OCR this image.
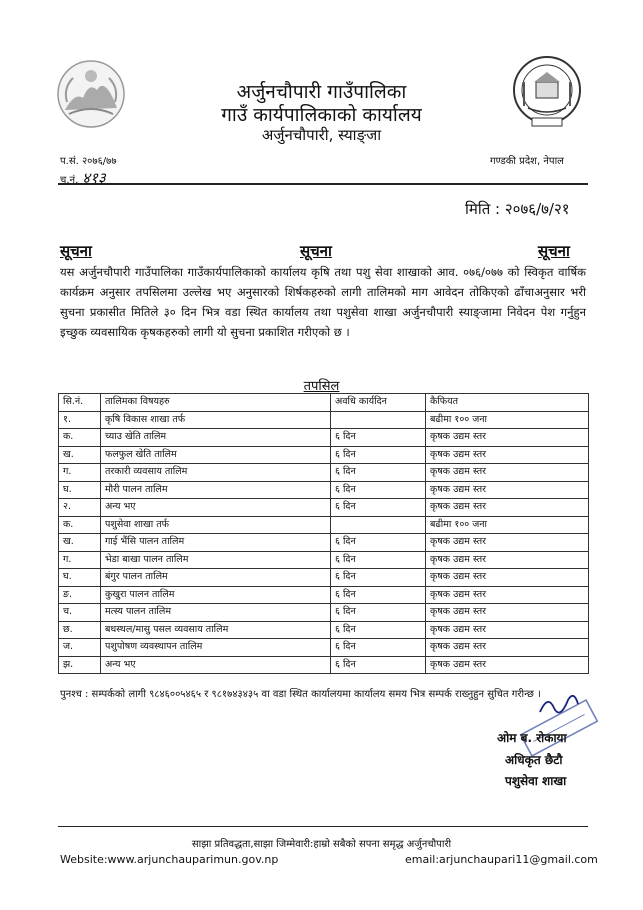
अर्जुनचौपारी गाउँपालिका
गाउँ कार्यपालिकाको कार्यालय
अर्जुनचौपारी, स्याङ्जा
प.सं. २०७६/७७
च.नं. ४१३
गण्डकी प्रदेश, नेपाल
मिति : २०७६/७/२१
सूचना	सूचना	सूचना
यस अर्जुनचौपारी गाउँपालिका गाउँकार्यपालिकाको कार्यालय कृषि तथा पशु सेवा शाखाको आव. ०७६/०७७ को स्विकृत वार्षिक कार्यक्रम अनुसार तपसिलमा उल्लेख भए अनुसारको शिर्षकहरुको लागी तालिमको माग आवेदन तोकिएको ढाँचाअनुसार भरी सुचना प्रकासीत मितिले ३० दिन भित्र वडा स्थित कार्यालय तथा पशुसेवा शाखा अर्जुनचौपारी स्याङ्जामा निवेदन पेश गर्नुहुन इच्छुक व्यवसायिक कृषकहरुको लागी यो सुचना प्रकाशित गरीएको छ ।
तपसिल
सि.नं.	तालिमका विषयहरु	अवधि कार्यदिन	कैफियत
१.	कृषि विकास शाखा तर्फ		बढीमा १०० जना
क.	च्याउ खेति तालिम	६ दिन	कृषक उद्यम स्तर
ख.	फलफुल खेति तालिम	६ दिन	कृषक उद्यम स्तर
ग.	तरकारी व्यवसाय तालिम	६ दिन	कृषक उद्यम स्तर
घ.	मौरी पालन तालिम	६ दिन	कृषक उद्यम स्तर
२.	अन्य भए	६ दिन	कृषक उद्यम स्तर
क.	पशुसेवा शाखा तर्फ		बढीमा १०० जना
ख.	गाई भैंसि पालन तालिम	६ दिन	कृषक उद्यम स्तर
ग.	भेडा बाखा पालन तालिम	६ दिन	कृषक उद्यम स्तर
घ.	बंगुर पालन तालिम	६ दिन	कृषक उद्यम स्तर
ङ.	कुखुरा पालन तालिम	६ दिन	कृषक उद्यम स्तर
च.	मत्स्य पालन तालिम	६ दिन	कृषक उद्यम स्तर
छ.	बधस्थल/मासु पसल व्यवसाय तालिम	६ दिन	कृषक उद्यम स्तर
ज.	पशुपोषण व्यवस्थापन तालिम	६ दिन	कृषक उद्यम स्तर
झ.	अन्य भए	६ दिन	कृषक उद्यम स्तर
पुनश्च : सम्पर्कको लागी ९८४६००५४६५ र ९८१७४३४३५ वा वडा स्थित कार्यालयमा कार्यालय समय भित्र सम्पर्क राख्नुहुन सुचित गरीन्छ ।
ओम ब. रोकाया
अधिकृत छैटौ
पशुसेवा शाखा
साझा प्रतिवद्धता,साझा जिम्मेवारी:हाम्रो सबैको सपना समृद्ध अर्जुनचौपारी
Website:www.arjunchauparimun.gov.np	email:arjunchaupari11@gmail.com
